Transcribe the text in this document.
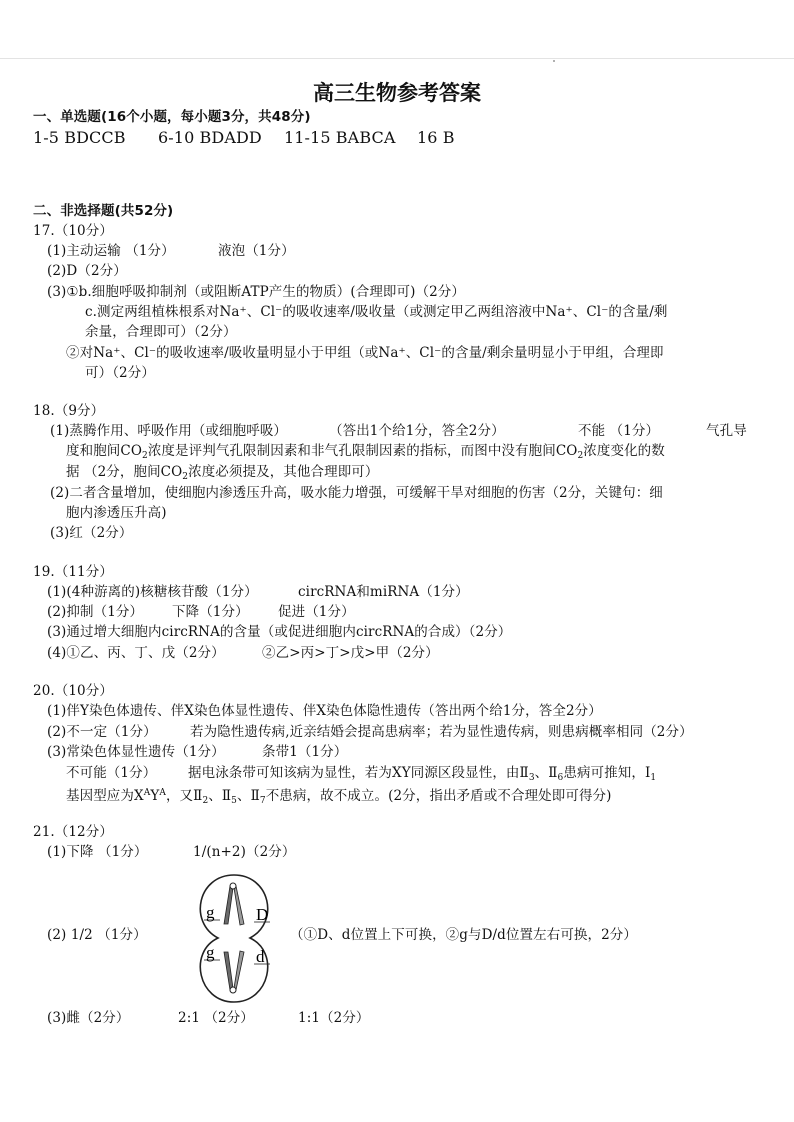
高三生物参考答案
一、单选题(16个小题，每小题3分，共48分)
1-5 BDCCB 6-10 BDADD 11-15 BABCA 16 B
二、非选择题(共52分)
17.（10分）
(1)主动运输 （1分）	液泡（1分）
(2)D（2分）
(3)①b.细胞呼吸抑制剂（或阻断ATP产生的物质）(合理即可)（2分）
c.测定两组植株根系对Na⁺、Cl⁻的吸收速率/吸收量（或测定甲乙两组溶液中Na⁺、Cl⁻的含量/剩
余量，合理即可）（2分）
②对Na⁺、Cl⁻的吸收速率/吸收量明显小于甲组（或Na⁺、Cl⁻的含量/剩余量明显小于甲组，合理即
可）（2分）
18.（9分）
(1)蒸腾作用、呼吸作用（或细胞呼吸）	（答出1个给1分，答全2分）	不能 （1分）	气孔导
度和胞间$CO_2$浓度是评判气孔限制因素和非气孔限制因素的指标，而图中没有胞间$CO_2$浓度变化的数
据 （2分，胞间$CO_2$浓度必须提及，其他合理即可）
(2)二者含量增加，使细胞内渗透压升高，吸水能力增强，可缓解干旱对细胞的伤害（2分，关键句：细
胞内渗透压升高)
(3)红（2分）
19.（11分）
(1)(4种游离的)核糖核苷酸（1分）	circRNA和miRNA（1分）
(2)抑制（1分） 下降（1分） 促进（1分）
(3)通过增大细胞内circRNA的含量（或促进细胞内circRNA的合成）（2分）
(4)①乙、丙、丁、戊（2分）	②乙>丙>丁>戊>甲（2分）
20.（10分）
(1)伴Y染色体遗传、伴X染色体显性遗传、伴X染色体隐性遗传（答出两个给1分，答全2分）
(2)不一定（1分） 若为隐性遗传病,近亲结婚会提高患病率；若为显性遗传病，则患病概率相同（2分）
(3)常染色体显性遗传（1分）	条带1（1分）
不可能（1分） 据电泳条带可知该病为显性，若为XY同源区段显性，由$Ⅱ_3$、$Ⅱ_6$患病可推知，$Ⅰ_1$
基因型应为$X^AY^A$，又$Ⅱ_2$、$Ⅱ_5$、$Ⅱ_7$不患病，故不成立。(2分，指出矛盾或不合理处即可得分)
21.（12分）
(1)下降 （1分）	1/(n+2)（2分）
(2) 1/2 （1分）
g D
g d
（①D、d位置上下可换，②g与D/d位置左右可换，2分）
(3)雌（2分）	2:1 （2分）	1:1（2分）
